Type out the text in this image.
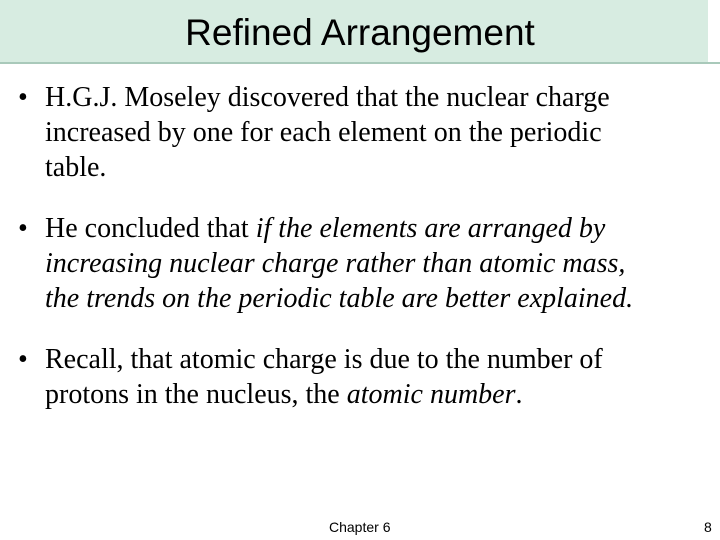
Refined Arrangement
• H.G.J. Moseley discovered that the nuclear charge
increased by one for each element on the periodic
table.
• He concluded that if the elements are arranged by
increasing nuclear charge rather than atomic mass,
the trends on the periodic table are better explained.
• Recall, that atomic charge is due to the number of
protons in the nucleus, the atomic number.
Chapter 6	8
